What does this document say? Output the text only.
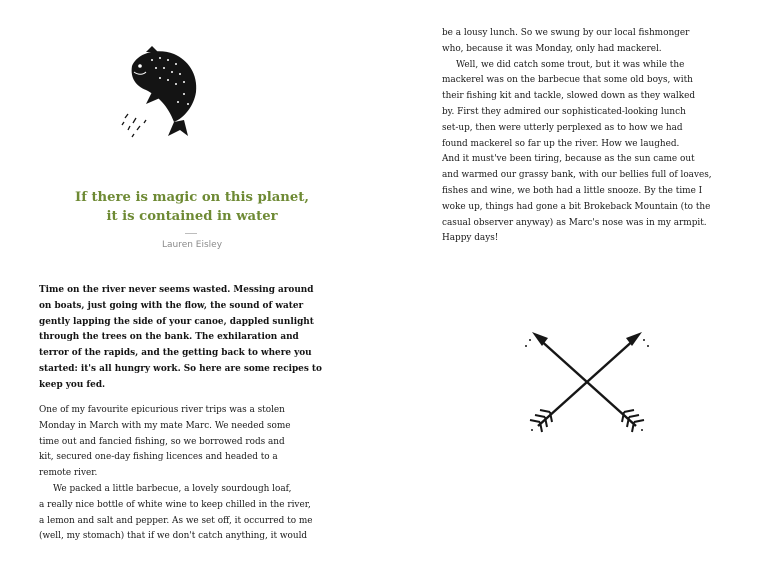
If there is magic on this planet,
it is contained in water
Lauren Eisley
Time on the river never seems wasted. Messing around
on boats, just going with the flow, the sound of water
gently lapping the side of your canoe, dappled sunlight
through the trees on the bank. The exhilaration and
terror of the rapids, and the getting back to where you
started: it's all hungry work. So here are some recipes to
keep you fed.
One of my favourite epicurious river trips was a stolen
Monday in March with my mate Marc. We needed some
time out and fancied fishing, so we borrowed rods and
kit, secured one-day fishing licences and headed to a
remote river.
We packed a little barbecue, a lovely sourdough loaf,
a really nice bottle of white wine to keep chilled in the river,
a lemon and salt and pepper. As we set off, it occurred to me
(well, my stomach) that if we don't catch anything, it would
be a lousy lunch. So we swung by our local fishmonger
who, because it was Monday, only had mackerel.
Well, we did catch some trout, but it was while the
mackerel was on the barbecue that some old boys, with
their fishing kit and tackle, slowed down as they walked
by. First they admired our sophisticated-looking lunch
set-up, then were utterly perplexed as to how we had
found mackerel so far up the river. How we laughed.
And it must've been tiring, because as the sun came out
and warmed our grassy bank, with our bellies full of loaves,
fishes and wine, we both had a little snooze. By the time I
woke up, things had gone a bit Brokeback Mountain (to the
casual observer anyway) as Marc's nose was in my armpit.
Happy days!
